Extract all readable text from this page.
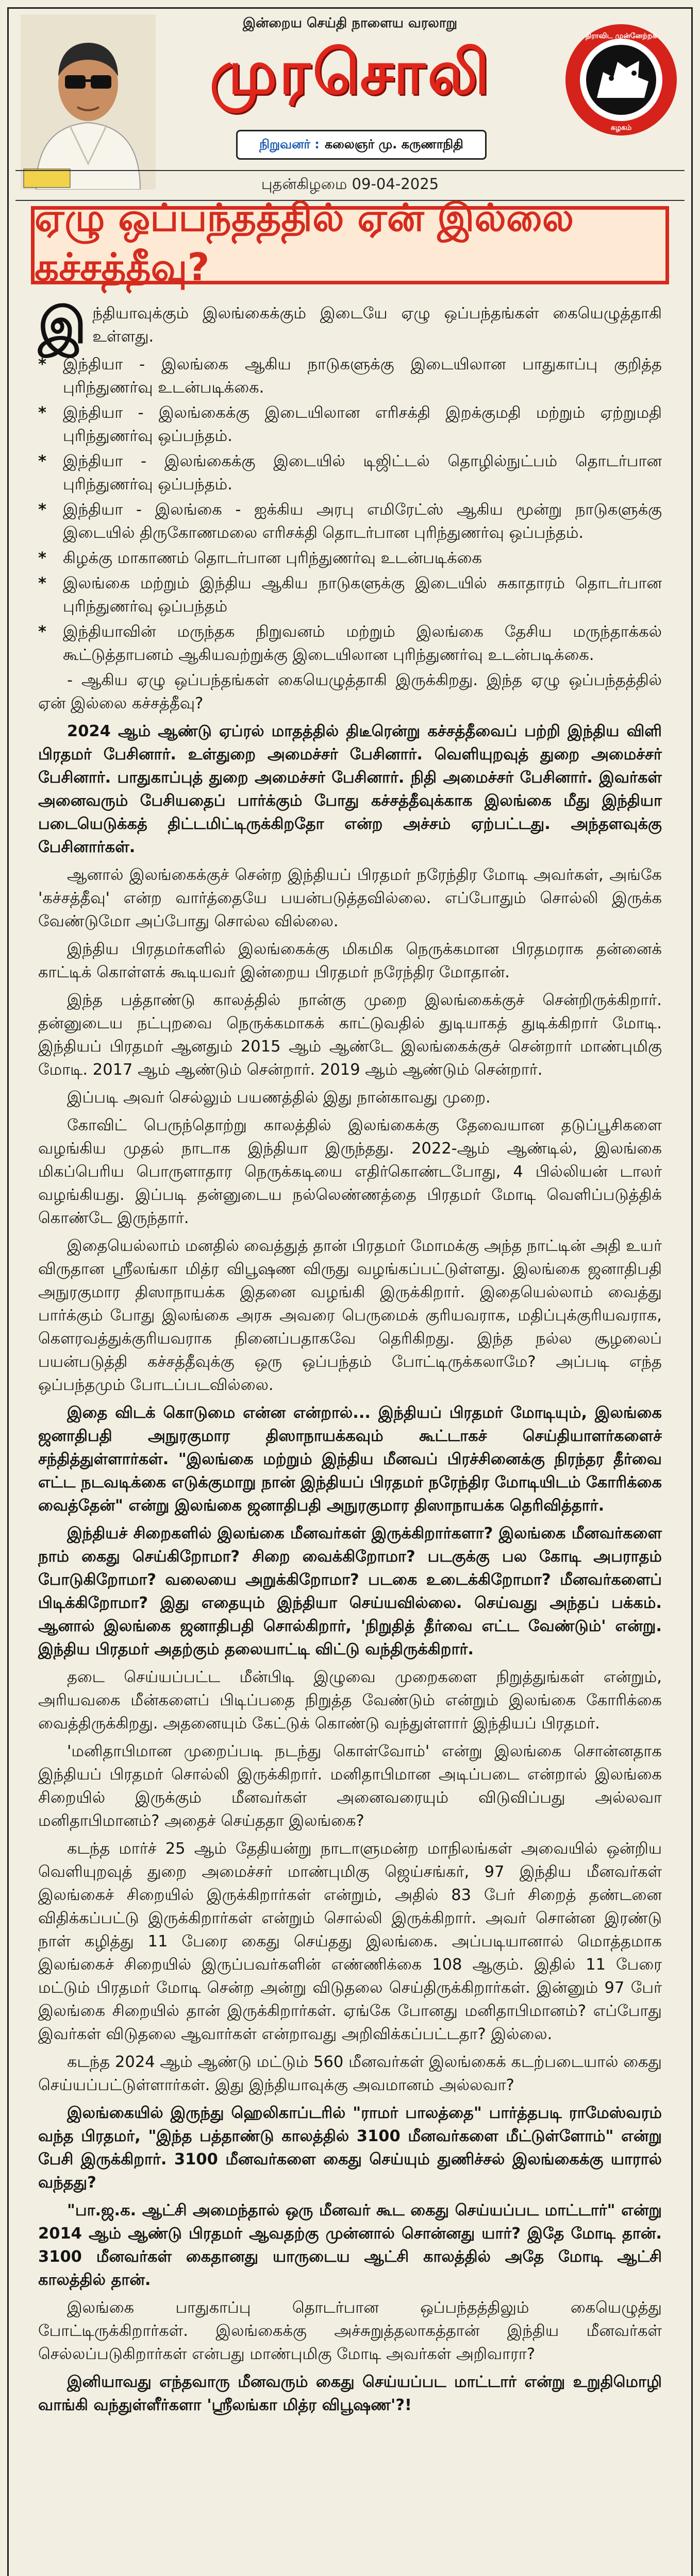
இன்றைய செய்தி நாளைய வரலாறு
முரசொலி
நிறுவனர் : கலைஞர் மு. கருணாநிதி
திராவிட முன்னேற்றக்
கழகம்
புதன்கிழமை 09-04-2025
ஏழு ஒப்பந்தத்தில் ஏன் இல்லை கச்சத்தீவு?

இந்தியாவுக்கும் இலங்கைக்கும் இடையே ஏழு ஒப்பந்தங்கள் கையெழுத்தாகி உள்ளது.

*	இந்தியா - இலங்கை ஆகிய நாடுகளுக்கு இடையிலான பாதுகாப்பு குறித்த புரிந்துணர்வு உடன்படிக்கை.
*	இந்தியா - இலங்கைக்கு இடையிலான எரிசக்தி இறக்குமதி மற்றும் ஏற்றுமதி புரிந்துணர்வு ஒப்பந்தம்.
*	இந்தியா - இலங்கைக்கு இடையில் டிஜிட்டல் தொழில்நுட்பம் தொடர்பான புரிந்துணர்வு ஒப்பந்தம்.
*	இந்தியா - இலங்கை - ஐக்கிய அரபு எமிரேட்ஸ் ஆகிய மூன்று நாடுகளுக்கு இடையில் திருகோணமலை எரிசக்தி தொடர்பான புரிந்துணர்வு ஒப்பந்தம்.
*	கிழக்கு மாகாணம் தொடர்பான புரிந்துணர்வு உடன்படிக்கை
*	இலங்கை மற்றும் இந்திய ஆகிய நாடுகளுக்கு இடையில் சுகாதாரம் தொடர்பான புரிந்துணர்வு ஒப்பந்தம்
*	இந்தியாவின் மருந்தக நிறுவனம் மற்றும் இலங்கை தேசிய மருந்தாக்கல் கூட்டுத்தாபனம் ஆகியவற்றுக்கு இடையிலான புரிந்துணர்வு உடன்படிக்கை.

- ஆகிய ஏழு ஒப்பந்தங்கள் கையெழுத்தாகி இருக்கிறது. இந்த ஏழு ஒப்பந்தத்தில் ஏன் இல்லை கச்சத்தீவு?

2024 ஆம் ஆண்டு ஏப்ரல் மாதத்தில் திடீரென்று கச்சத்தீவைப் பற்றி இந்திய விளி பிரதமர் பேசினார். உள்துறை அமைச்சர் பேசினார். வெளியுறவுத் துறை அமைச்சர் பேசினார். பாதுகாப்புத் துறை அமைச்சர் பேசினார். நிதி அமைச்சர் பேசினார். இவர்கள் அனைவரும் பேசியதைப் பார்க்கும் போது கச்சத்தீவுக்காக இலங்கை மீது இந்தியா படையெடுக்கத் திட்டமிட்டிருக்கிறதோ என்ற அச்சம் ஏற்பட்டது. அந்தளவுக்கு பேசினார்கள்.

ஆனால் இலங்கைக்குச் சென்ற இந்தியப் பிரதமர் நரேந்திர மோடி அவர்கள், அங்கே 'கச்சத்தீவு' என்ற வார்த்தையே பயன்படுத்தவில்லை. எப்போதும் சொல்லி இருக்க வேண்டுமோ அப்போது சொல்ல வில்லை.

இந்திய பிரதமர்களில் இலங்கைக்கு மிகமிக நெருக்கமான பிரதமராக தன்னைக் காட்டிக் கொள்ளக் கூடியவர் இன்றைய பிரதமர் நரேந்திர மோதான்.

இந்த பத்தாண்டு காலத்தில் நான்கு முறை இலங்கைக்குச் சென்றிருக்கிறார். தன்னுடைய நட்புறவை நெருக்கமாகக் காட்டுவதில் துடியாகத் துடிக்கிறார் மோடி. இந்தியப் பிரதமர் ஆனதும் 2015 ஆம் ஆண்டே இலங்கைக்குச் சென்றார் மாண்புமிகு மோடி. 2017 ஆம் ஆண்டும் சென்றார். 2019 ஆம் ஆண்டும் சென்றார்.

இப்படி அவர் செல்லும் பயணத்தில் இது நான்காவது முறை.

கோவிட் பெருந்தொற்று காலத்தில் இலங்கைக்கு தேவையான தடுப்பூசிகளை வழங்கிய முதல் நாடாக இந்தியா இருந்தது. 2022-ஆம் ஆண்டில், இலங்கை மிகப்பெரிய பொருளாதார நெருக்கடியை எதிர்கொண்டபோது, 4 பில்லியன் டாலர் வழங்கியது. இப்படி தன்னுடைய நல்லெண்ணத்தை பிரதமர் மோடி வெளிப்படுத்திக் கொண்டே இருந்தார்.

இதையெல்லாம் மனதில் வைத்துத் தான் பிரதமர் மோமக்கு அந்த நாட்டின் அதி உயர் விருதான ஸ்ரீலங்கா மித்ர விபூஷண விருது வழங்கப்பட்டுள்ளது. இலங்கை ஜனாதிபதி அநுரகுமார திஸாநாயக்க இதனை வழங்கி இருக்கிறார். இதையெல்லாம் வைத்து பார்க்கும் போது இலங்கை அரசு அவரை பெருமைக் குரியவராக, மதிப்புக்குரியவராக, கௌரவத்துக்குரியவராக நினைப்பதாகவே தெரிகிறது. இந்த நல்ல சூழலைப் பயன்படுத்தி கச்சத்தீவுக்கு ஒரு ஒப்பந்தம் போட்டிருக்கலாமே? அப்படி எந்த ஒப்பந்தமும் போடப்படவில்லை.

இதை விடக் கொடுமை என்ன என்றால்... இந்தியப் பிரதமர் மோடியும், இலங்கை ஜனாதிபதி அநுரகுமார திஸாநாயக்கவும் கூட்டாகச் செய்தியாளர்களைச் சந்தித்துள்ளார்கள். "இலங்கை மற்றும் இந்திய மீனவப் பிரச்சினைக்கு நிரந்தர தீர்வை எட்ட நடவடிக்கை எடுக்குமாறு நான் இந்தியப் பிரதமர் நரேந்திர மோடியிடம் கோரிக்கை வைத்தேன்" என்று இலங்கை ஜனாதிபதி அநுரகுமார திஸாநாயக்க தெரிவித்தார்.

இந்தியச் சிறைகளில் இலங்கை மீனவர்கள் இருக்கிறார்களா? இலங்கை மீனவர்களை நாம் கைது செய்கிறோமா? சிறை வைக்கிறோமா? படகுக்கு பல கோடி அபராதம் போடுகிறோமா? வலையை அறுக்கிறோமா? படகை உடைக்கிறோமா? மீனவர்களைப் பிடிக்கிறோமா? இது எதையும் இந்தியா செய்யவில்லை. செய்வது அந்தப் பக்கம். ஆனால் இலங்கை ஜனாதிபதி சொல்கிறார், 'நிறுதித் தீர்வை எட்ட வேண்டும்' என்று. இந்திய பிரதமர் அதற்கும் தலையாட்டி விட்டு வந்திருக்கிறார்.

தடை செய்யப்பட்ட மீன்பிடி இழுவை முறைகளை நிறுத்துங்கள் என்றும், அரியவகை மீன்களைப் பிடிப்பதை நிறுத்த வேண்டும் என்றும் இலங்கை கோரிக்கை வைத்திருக்கிறது. அதனையும் கேட்டுக் கொண்டு வந்துள்ளார் இந்தியப் பிரதமர்.

'மனிதாபிமான முறைப்படி நடந்து கொள்வோம்' என்று இலங்கை சொன்னதாக இந்தியப் பிரதமர் சொல்லி இருக்கிறார். மனிதாபிமான அடிப்படை என்றால் இலங்கை சிறையில் இருக்கும் மீனவர்கள் அனைவரையும் விடுவிப்பது அல்லவா மனிதாபிமானம்? அதைச் செய்ததா இலங்கை?

கடந்த மார்ச் 25 ஆம் தேதியன்று நாடாளுமன்ற மாநிலங்கள் அவையில் ஒன்றிய வெளியுறவுத் துறை அமைச்சர் மாண்புமிகு ஜெய்சங்கர், 97 இந்திய மீனவர்கள் இலங்கைச் சிறையில் இருக்கிறார்கள் என்றும், அதில் 83 பேர் சிறைத் தண்டனை விதிக்கப்பட்டு இருக்கிறார்கள் என்றும் சொல்லி இருக்கிறார். அவர் சொன்ன இரண்டு நாள் கழித்து 11 பேரை கைது செய்தது இலங்கை. அப்படியானால் மொத்தமாக இலங்கைச் சிறையில் இருப்பவர்களின் எண்ணிக்கை 108 ஆகும். இதில் 11 பேரை மட்டும் பிரதமர் மோடி சென்ற அன்று விடுதலை செய்திருக்கிறார்கள். இன்னும் 97 பேர் இலங்கை சிறையில் தான் இருக்கிறார்கள். ஏங்கே போனது மனிதாபிமானம்? எப்போது இவர்கள் விடுதலை ஆவார்கள் என்றாவது அறிவிக்கப்பட்டதா? இல்லை.

கடந்த 2024 ஆம் ஆண்டு மட்டும் 560 மீனவர்கள் இலங்கைக் கடற்படையால் கைது செய்யப்பட்டுள்ளார்கள். இது இந்தியாவுக்கு அவமானம் அல்லவா?

இலங்கையில் இருந்து ஹெலிகாப்டரில் "ராமர் பாலத்தை" பார்த்தபடி ராமேஸ்வரம் வந்த பிரதமர், "இந்த பத்தாண்டு காலத்தில் 3100 மீனவர்களை மீட்டுள்ளோம்" என்று பேசி இருக்கிறார். 3100 மீனவர்களை கைது செய்யும் துணிச்சல் இலங்கைக்கு யாரால் வந்தது?

"பா.ஜ.க. ஆட்சி அமைந்தால் ஒரு மீனவர் கூட கைது செய்யப்பட மாட்டார்" என்று 2014 ஆம் ஆண்டு பிரதமர் ஆவதற்கு முன்னால் சொன்னது யார்? இதே மோடி தான். 3100 மீனவர்கள் கைதானது யாருடைய ஆட்சி காலத்தில் அதே மோடி ஆட்சி காலத்தில் தான்.

இலங்கை பாதுகாப்பு தொடர்பான ஒப்பந்தத்திலும் கையெழுத்து போட்டிருக்கிறார்கள். இலங்கைக்கு அச்சுறுத்தலாகத்தான் இந்திய மீனவர்கள் செல்லப்படுகிறார்கள் என்பது மாண்புமிகு மோடி அவர்கள் அறிவாரா?

இனியாவது எந்தவாரு மீனவரும் கைது செய்யப்பட மாட்டார் என்று உறுதிமொழி வாங்கி வந்துள்ளீர்களா 'ஸ்ரீலங்கா மித்ர விபூஷண'?!
